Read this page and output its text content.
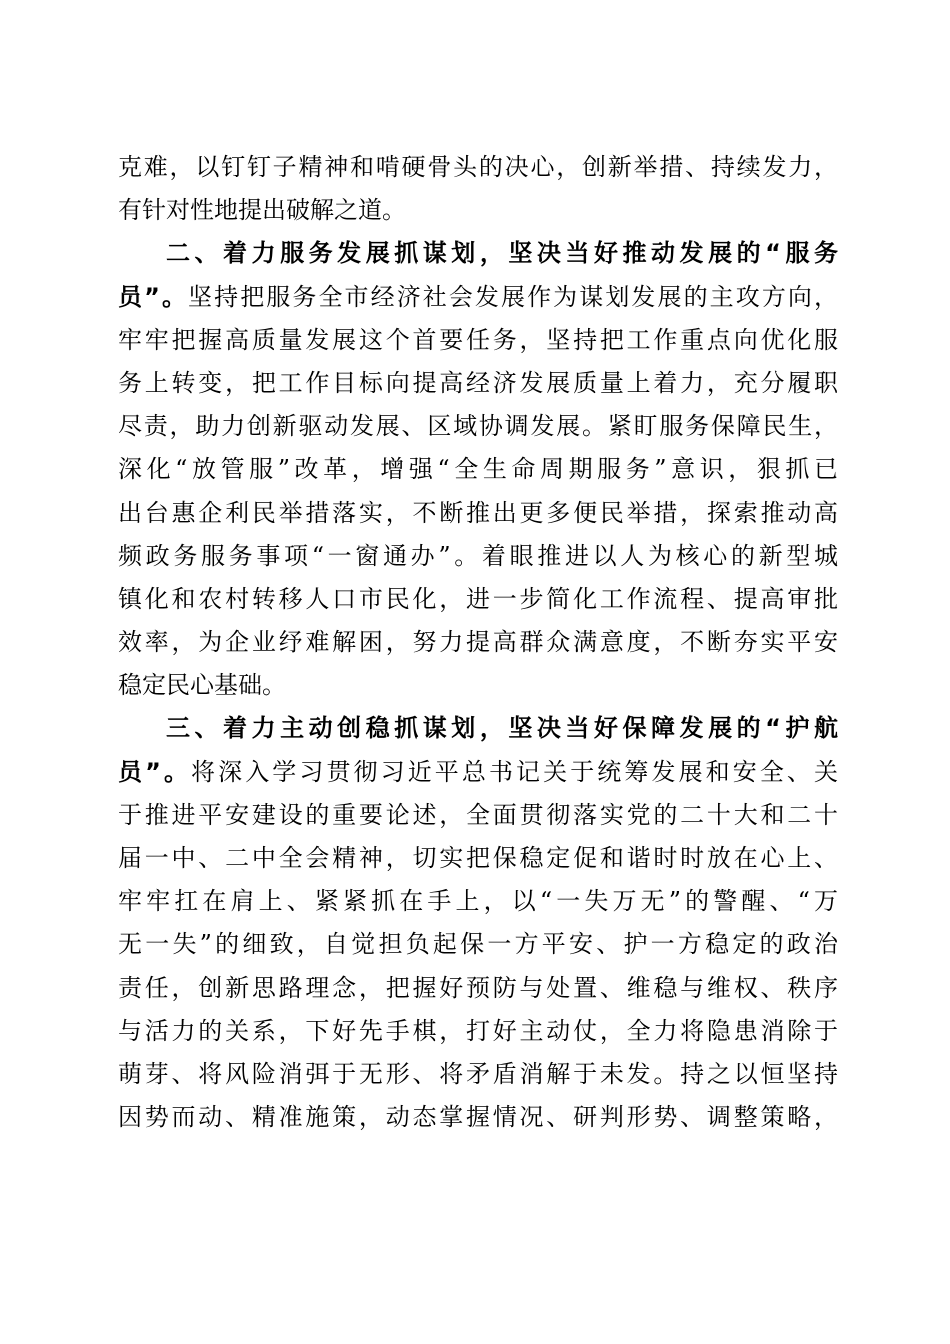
克难，以钉钉子精神和啃硬骨头的决心，创新举措、持续发力，
有针对性地提出破解之道。
二、着力服务发展抓谋划，坚决当好推动发展的“服务
员”。坚持把服务全市经济社会发展作为谋划发展的主攻方向，
牢牢把握高质量发展这个首要任务，坚持把工作重点向优化服
务上转变，把工作目标向提高经济发展质量上着力，充分履职
尽责，助力创新驱动发展、区域协调发展。紧盯服务保障民生，
深化“放管服”改革，增强“全生命周期服务”意识，狠抓已
出台惠企利民举措落实，不断推出更多便民举措，探索推动高
频政务服务事项“一窗通办”。着眼推进以人为核心的新型城
镇化和农村转移人口市民化，进一步简化工作流程、提高审批
效率，为企业纾难解困，努力提高群众满意度，不断夯实平安
稳定民心基础。
三、着力主动创稳抓谋划，坚决当好保障发展的“护航
员”。将深入学习贯彻习近平总书记关于统筹发展和安全、关
于推进平安建设的重要论述，全面贯彻落实党的二十大和二十
届一中、二中全会精神，切实把保稳定促和谐时时放在心上、
牢牢扛在肩上、紧紧抓在手上，以“一失万无”的警醒、“万
无一失”的细致，自觉担负起保一方平安、护一方稳定的政治
责任，创新思路理念，把握好预防与处置、维稳与维权、秩序
与活力的关系，下好先手棋，打好主动仗，全力将隐患消除于
萌芽、将风险消弭于无形、将矛盾消解于未发。持之以恒坚持
因势而动、精准施策，动态掌握情况、研判形势、调整策略，
